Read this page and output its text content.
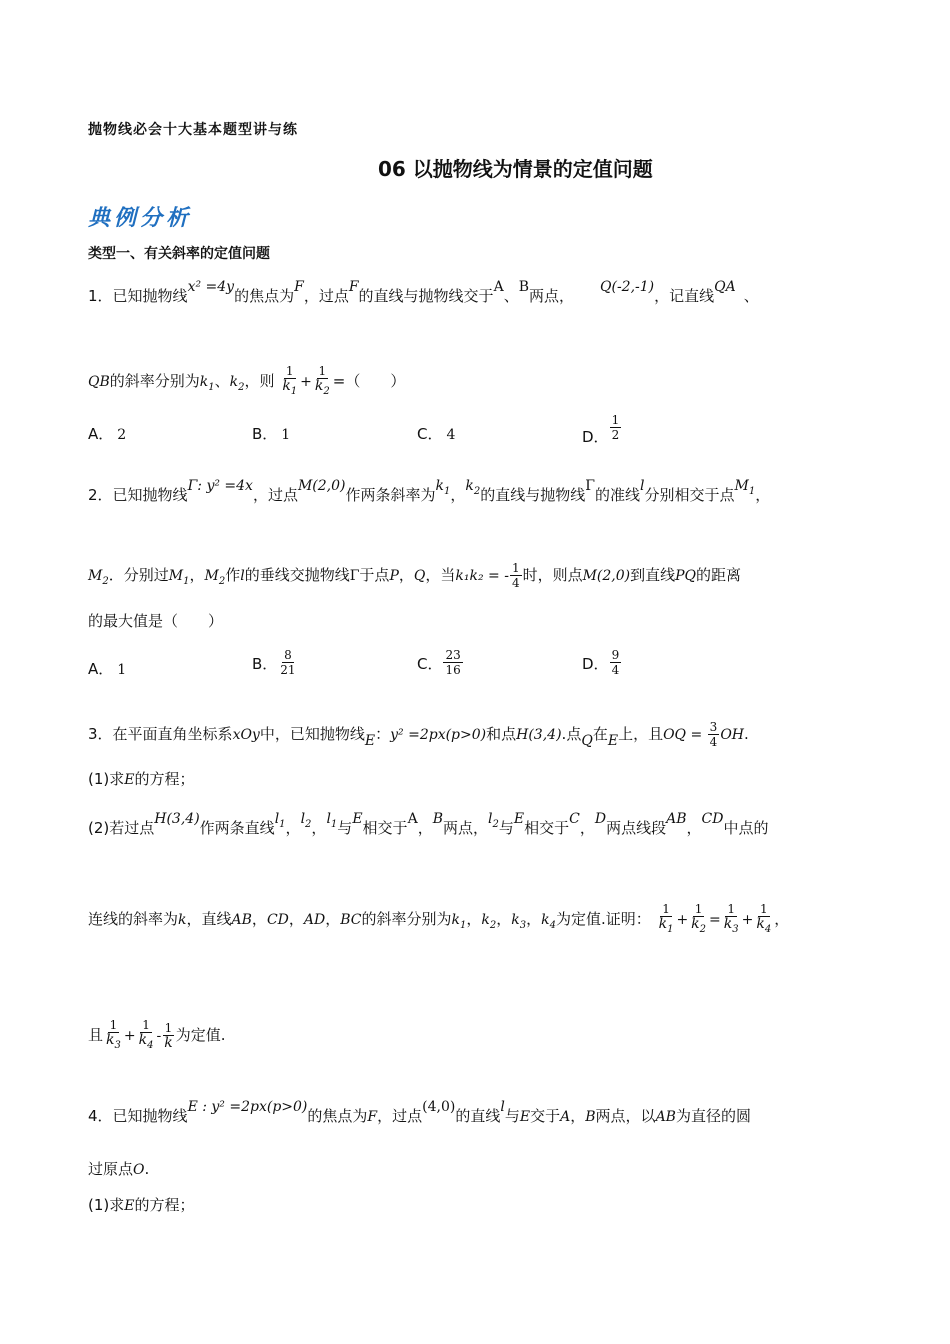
抛物线必会十大基本题型讲与练
06 以抛物线为情景的定值问题
典例分析
类型一、有关斜率的定值问题
1．已知抛物线x² =4y的焦点为F，过点F的直线与抛物线交于A、B两点， Q(-2,-1)，记直线QA 、
QB的斜率分别为$k_1$、$k_2$，则 $\frac{1}{k_1} + \frac{1}{k_2}$ =（　　）
A． 2	B． 1	C． 4	D． $\frac{1}{2}$
2．已知抛物线Γ: y² =4x，过点M(2,0)作两条斜率为$k_1$，$k_2$的直线与抛物线Γ的准线l分别相交于点$M_1$，
$M_2$．分别过$M_1$，$M_2$作l的垂线交抛物线Γ于点P，Q，当k₁k₂ = - $\frac{1}{4}$ 时，则点M(2,0)到直线PQ的距离
的最大值是（　　）
A． 1	B． $\frac{8}{21}$	C． $\frac{23}{16}$	D． $\frac{9}{4}$
3．在平面直角坐标系xOy中，已知抛物线E：y² =2px(p>0)和点H(3,4).点Q在E上，且OQ = $\frac{3}{4}$ OH.
(1)求E的方程；
(2)若过点H(3,4)作两条直线$l_1$，$l_2$，$l_1$与E相交于A，B两点，$l_2$与E相交于C，D两点线段AB，CD中点的
连线的斜率为k，直线AB，CD，AD，BC的斜率分别为$k_1$，$k_2$，$k_3$，$k_4$为定值.证明： $\frac{1}{k_1} + \frac{1}{k_2} = \frac{1}{k_3} + \frac{1}{k_4}$ ，
且 $\frac{1}{k_3} + \frac{1}{k_4} - \frac{1}{k}$ 为定值.
4．已知抛物线E : y² =2px(p>0)的焦点为F，过点(4,0)的直线l与E交于A，B两点，以AB为直径的圆
过原点O.
(1)求E的方程；
